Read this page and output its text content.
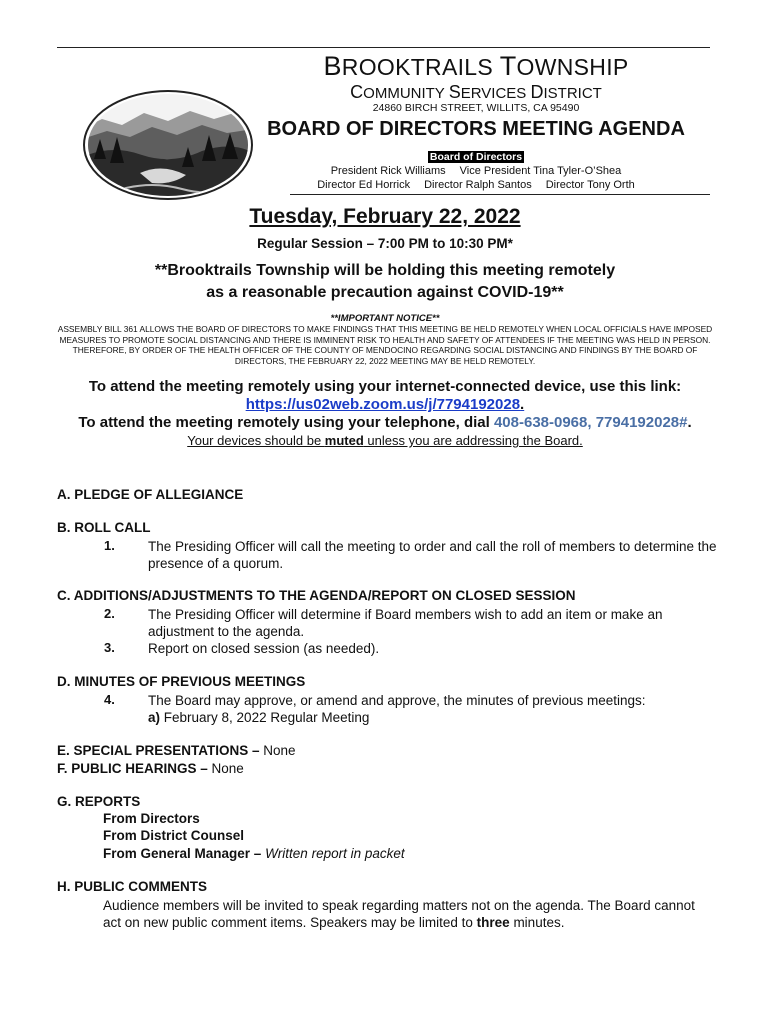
BROOKTRAILS TOWNSHIP
COMMUNITY SERVICES DISTRICT
24860 BIRCH STREET, WILLITS, CA 95490
BOARD OF DIRECTORS MEETING AGENDA
Board of Directors
President Rick Williams Vice President Tina Tyler-O’Shea
Director Ed Horrick Director Ralph Santos Director Tony Orth
Tuesday, February 22, 2022
Regular Session – 7:00 PM to 10:30 PM*
**Brooktrails Township will be holding this meeting remotely
as a reasonable precaution against COVID-19**
**IMPORTANT NOTICE**
ASSEMBLY BILL 361 ALLOWS THE BOARD OF DIRECTORS TO MAKE FINDINGS THAT THIS MEETING BE HELD REMOTELY WHEN LOCAL OFFICIALS HAVE IMPOSED MEASURES TO PROMOTE SOCIAL DISTANCING AND THERE IS IMMINENT RISK TO HEALTH AND SAFETY OF ATTENDEES IF THE MEETING WAS HELD IN PERSON. THEREFORE, BY ORDER OF THE HEALTH OFFICER OF THE COUNTY OF MENDOCINO REGARDING SOCIAL DISTANCING AND FINDINGS BY THE BOARD OF DIRECTORS, THE FEBRUARY 22, 2022 MEETING MAY BE HELD REMOTELY.
To attend the meeting remotely using your internet-connected device, use this link:
https://us02web.zoom.us/j/7794192028.
To attend the meeting remotely using your telephone, dial 408-638-0968, 7794192028#.
Your devices should be muted unless you are addressing the Board.
A. PLEDGE OF ALLEGIANCE
B. ROLL CALL
1. The Presiding Officer will call the meeting to order and call the roll of members to determine the presence of a quorum.
C. ADDITIONS/ADJUSTMENTS TO THE AGENDA/REPORT ON CLOSED SESSION
2. The Presiding Officer will determine if Board members wish to add an item or make an adjustment to the agenda.
3. Report on closed session (as needed).
D. MINUTES OF PREVIOUS MEETINGS
4. The Board may approve, or amend and approve, the minutes of previous meetings:
a) February 8, 2022 Regular Meeting
E. SPECIAL PRESENTATIONS – None
F. PUBLIC HEARINGS – None
G. REPORTS
From Directors
From District Counsel
From General Manager – Written report in packet
H. PUBLIC COMMENTS
Audience members will be invited to speak regarding matters not on the agenda. The Board cannot act on new public comment items. Speakers may be limited to three minutes.
